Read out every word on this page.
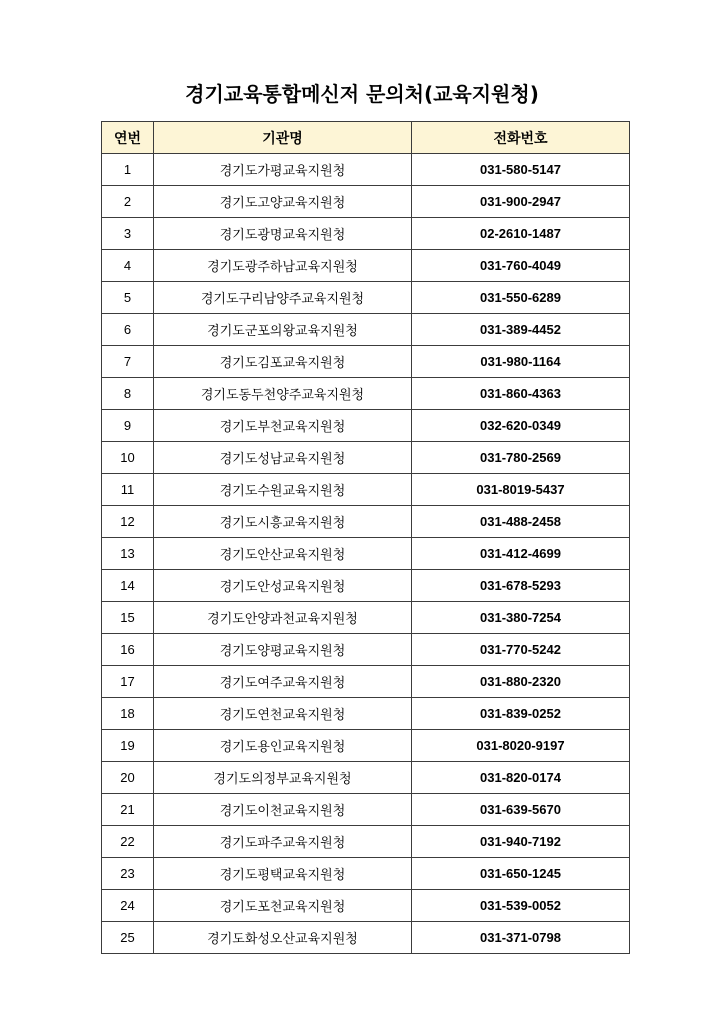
경기교육통합메신저 문의처(교육지원청)
연번	기관명	전화번호
1	경기도가평교육지원청	031-580-5147
2	경기도고양교육지원청	031-900-2947
3	경기도광명교육지원청	02-2610-1487
4	경기도광주하남교육지원청	031-760-4049
5	경기도구리남양주교육지원청	031-550-6289
6	경기도군포의왕교육지원청	031-389-4452
7	경기도김포교육지원청	031-980-1164
8	경기도동두천양주교육지원청	031-860-4363
9	경기도부천교육지원청	032-620-0349
10	경기도성남교육지원청	031-780-2569
11	경기도수원교육지원청	031-8019-5437
12	경기도시흥교육지원청	031-488-2458
13	경기도안산교육지원청	031-412-4699
14	경기도안성교육지원청	031-678-5293
15	경기도안양과천교육지원청	031-380-7254
16	경기도양평교육지원청	031-770-5242
17	경기도여주교육지원청	031-880-2320
18	경기도연천교육지원청	031-839-0252
19	경기도용인교육지원청	031-8020-9197
20	경기도의정부교육지원청	031-820-0174
21	경기도이천교육지원청	031-639-5670
22	경기도파주교육지원청	031-940-7192
23	경기도평택교육지원청	031-650-1245
24	경기도포천교육지원청	031-539-0052
25	경기도화성오산교육지원청	031-371-0798
